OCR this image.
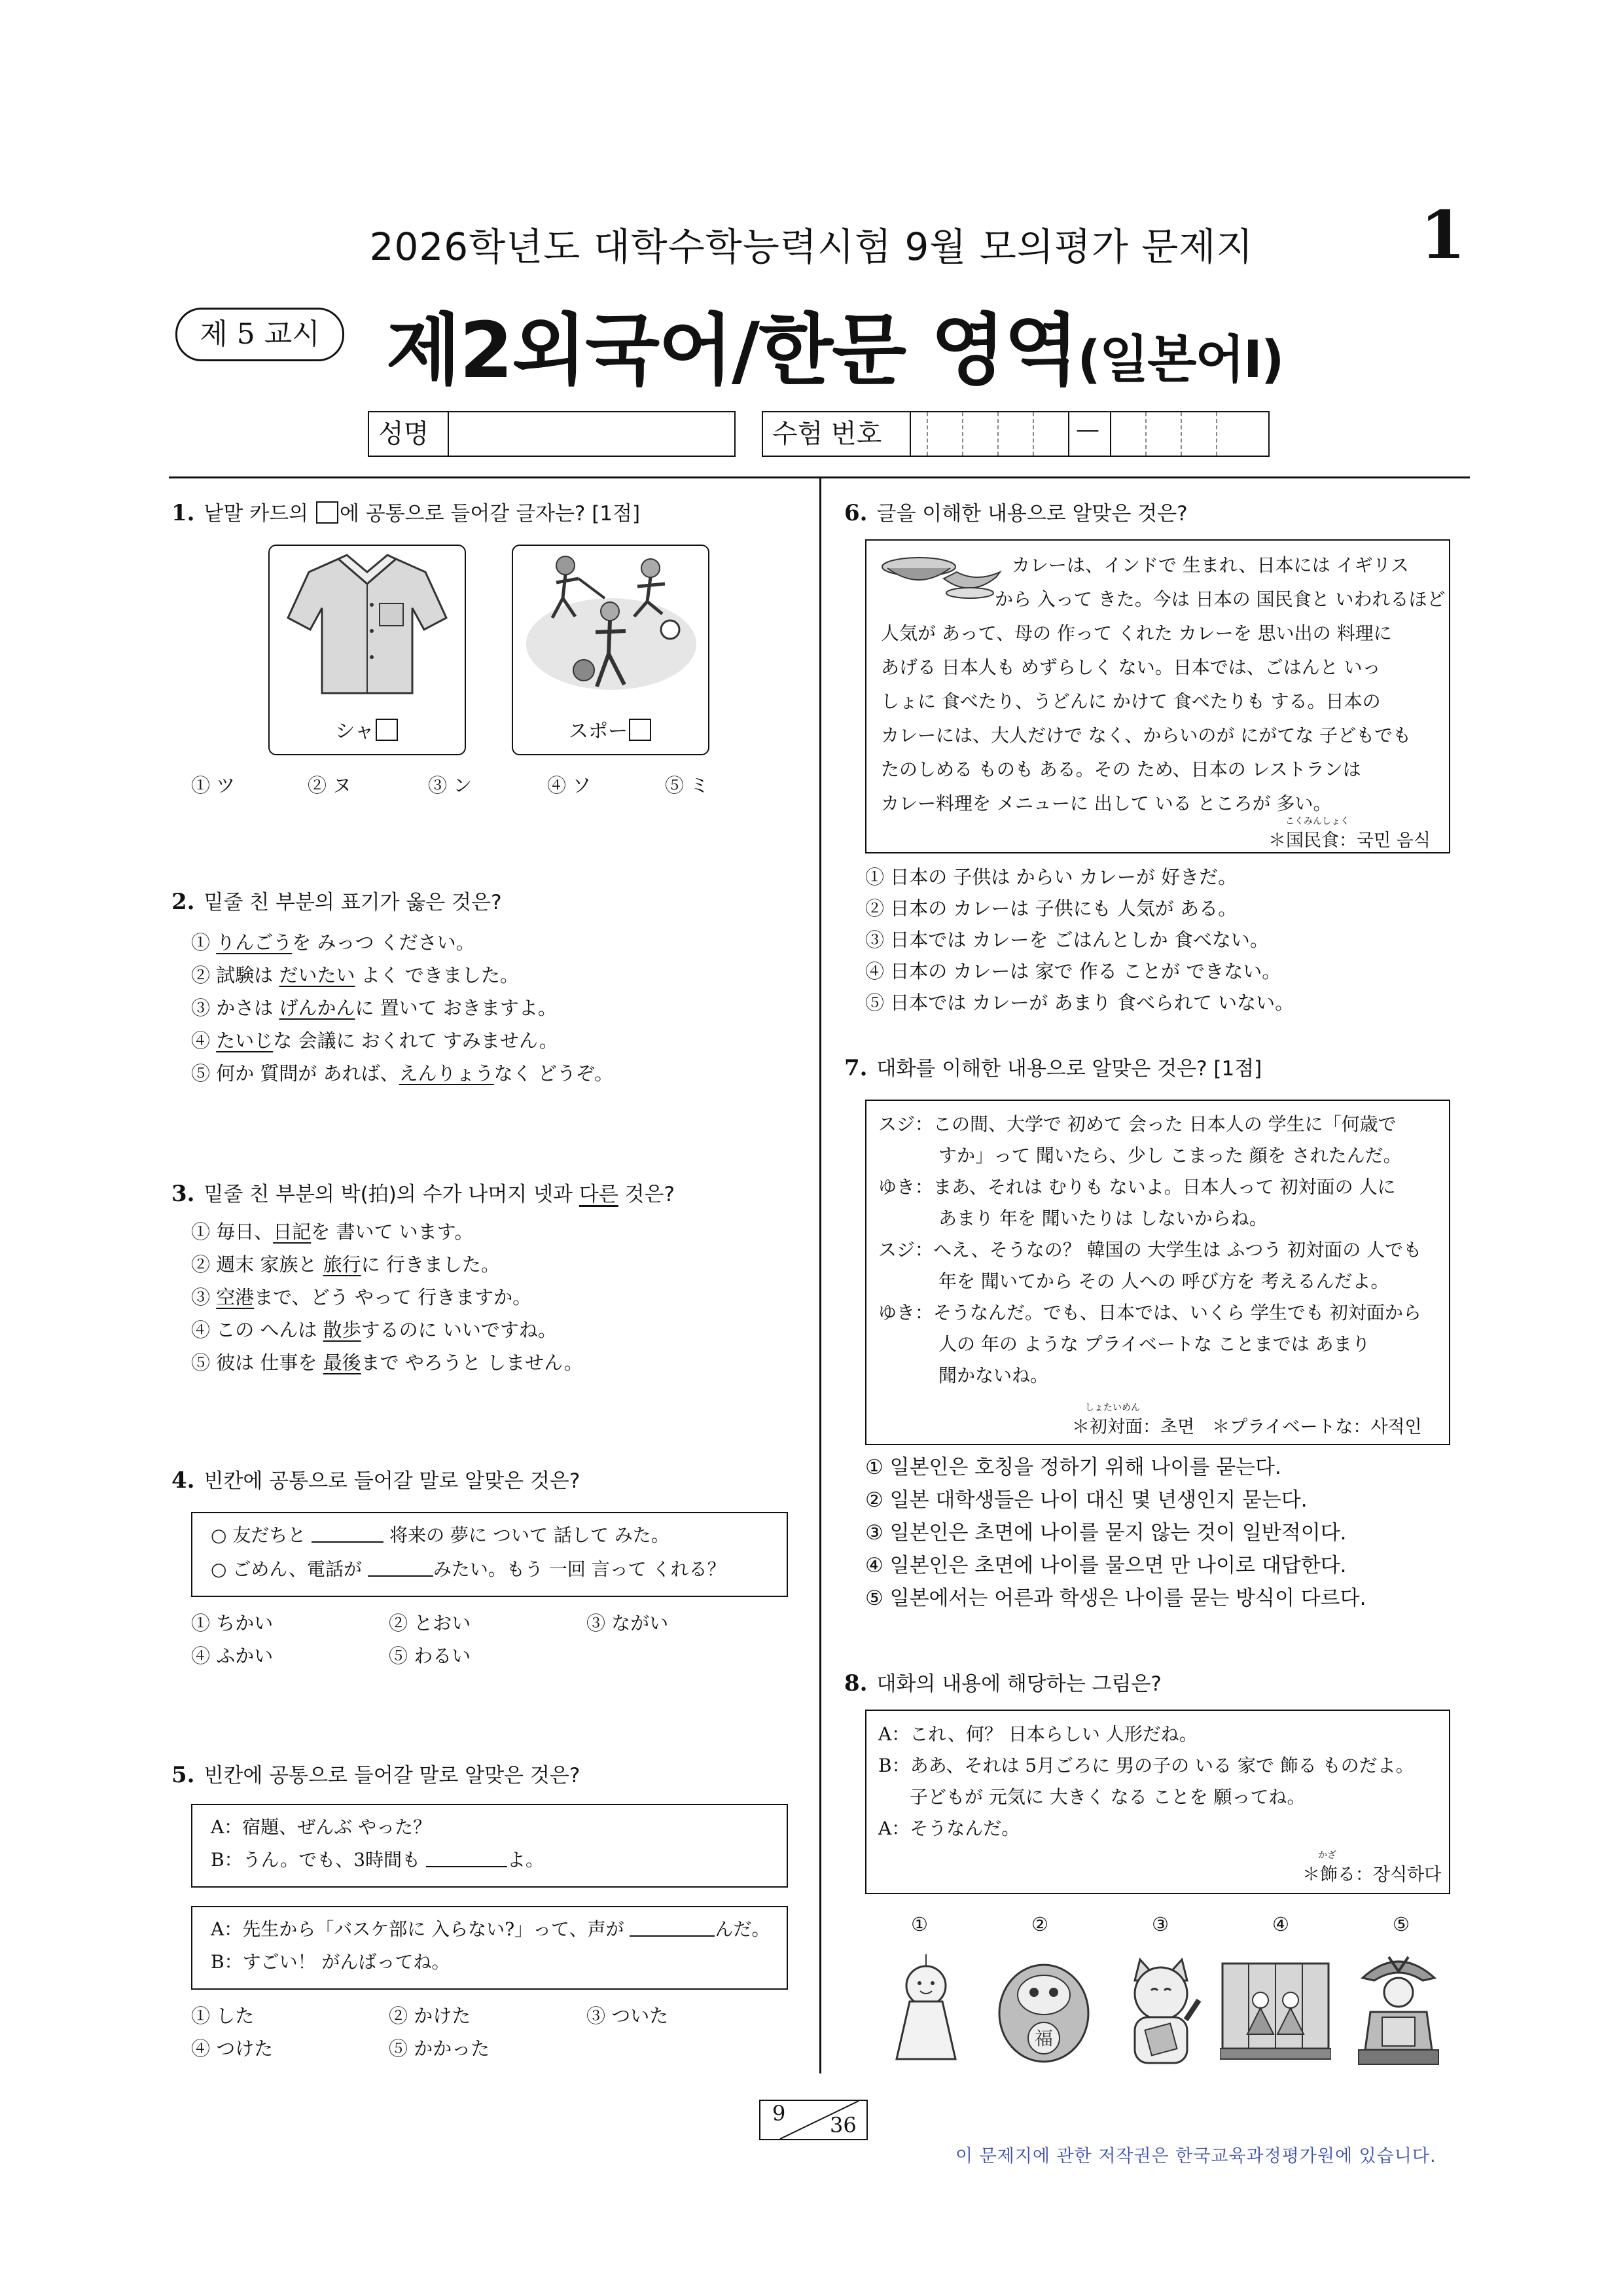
2026학년도 대학수학능력시험 9월 모의평가 문제지	1
제 5 교시 제2외국어/한문 영역(일본어Ⅰ)
성명	수험 번호	—
1. 낱말 카드의 에 공통으로 들어갈 글자는? [1점]
シャ	スポー
① ツ	② ヌ	③ ン	④ ソ	⑤ ミ
2. 밑줄 친 부분의 표기가 옳은 것은?
① りんごうを みっつ ください。
② 試験は だいたい よく できました。
③ かさは げんかんに 置いて おきますよ。
④ たいじな 会議に おくれて すみません。
⑤ 何か 質問が あれば、えんりょうなく どうぞ。
3. 밑줄 친 부분의 박(拍)의 수가 나머지 넷과 다른 것은?
① 毎日、日記を 書いて います。
② 週末 家族と 旅行に 行きました。
③ 空港まで、どう やって 行きますか。
④ この へんは 散歩するのに いいですね。
⑤ 彼は 仕事を 最後まで やろうと しません。
4. 빈칸에 공통으로 들어갈 말로 알맞은 것은?
○ 友だちと	将来の 夢に ついて 話して みた。
○ ごめん、電話が	みたい。もう 一回 言って くれる？
① ちかい	② とおい	③ ながい
④ ふかい	⑤ わるい
5. 빈칸에 공통으로 들어갈 말로 알맞은 것은?
A：宿題、ぜんぶ やった？
B：うん。でも、3時間も	よ。
A：先生から「バスケ部に 入らない?」って、声が	んだ。
B：すごい！ がんばってね。
① した	② かけた	③ ついた
④ つけた	⑤ かかった
6. 글을 이해한 내용으로 알맞은 것은?
カレーは、インドで 生まれ、日本には イギリス
から 入って きた。今は 日本の 国民食と いわれるほど
人気が あって、母の 作って くれた カレーを 思い出の 料理に
あげる 日本人も めずらしく ない。日本では、ごはんと いっ
しょに 食べたり、うどんに かけて 食べたりも する。日本の
カレーには、大人だけで なく、からいのが にがてな 子どもでも
たのしめる ものも ある。その ため、日本の レストランは
カレー料理を メニューに 出して いる ところが 多い。
こくみんしょく
＊国民食：국민 음식
① 日本の 子供は からい カレーが 好きだ。
② 日本の カレーは 子供にも 人気が ある。
③ 日本では カレーを ごはんとしか 食べない。
④ 日本の カレーは 家で 作る ことが できない。
⑤ 日本では カレーが あまり 食べられて いない。
7. 대화를 이해한 내용으로 알맞은 것은? [1점]
スジ：この間、大学で 初めて 会った 日本人の 学生に「何歳で
すか」って 聞いたら、少し こまった 顔を されたんだ。
ゆき：まあ、それは むりも ないよ。日本人って 初対面の 人に
あまり 年を 聞いたりは しないからね。
スジ：へえ、そうなの？ 韓国の 大学生は ふつう 初対面の 人でも
年を 聞いてから その 人への 呼び方を 考えるんだよ。
ゆき：そうなんだ。でも、日本では、いくら 学生でも 初対面から
人の 年の ような プライベートな ことまでは あまり
聞かないね。
しょたいめん
＊初対面：초면　＊プライベートな：사적인
① 일본인은 호칭을 정하기 위해 나이를 묻는다.
② 일본 대학생들은 나이 대신 몇 년생인지 묻는다.
③ 일본인은 초면에 나이를 묻지 않는 것이 일반적이다.
④ 일본인은 초면에 나이를 물으면 만 나이로 대답한다.
⑤ 일본에서는 어른과 학생은 나이를 묻는 방식이 다르다.
8. 대화의 내용에 해당하는 그림은?
A：これ、何？ 日本らしい 人形だね。
B：ああ、それは 5月ごろに 男の子の いる 家で 飾る ものだよ。
子どもが 元気に 大きく なる ことを 願ってね。
A：そうなんだ。
かざ
＊飾る：장식하다
①	②	③	④	⑤
福
9 36
이 문제지에 관한 저작권은 한국교육과정평가원에 있습니다.
